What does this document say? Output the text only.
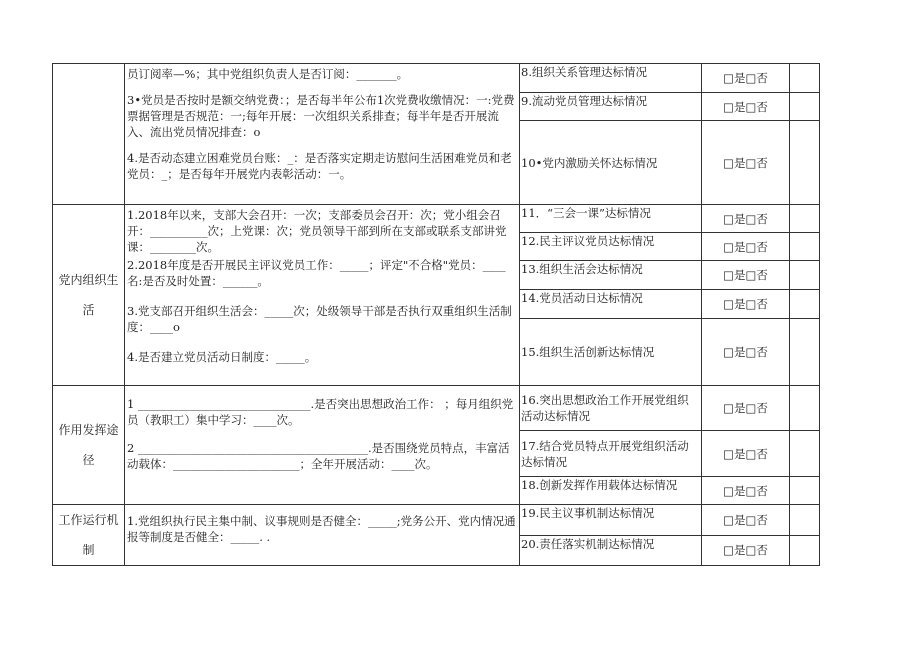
	员订阅率—%；其中党组织负责人是否订阅：_______。

3•党员是否按时是额交纳党费：；是否每半年公布1次党费收缴情况：一:党费票据管理是否规范：一;每年开展：一次组织关系排查；每半年是否开展流入、流出党员情况排查：o

4.是否动态建立困难党员台账：_：是否落实定期走访慰问生活困难党员和老党员：_；是否每年开展党内表彰活动：一。	8.组织关系管理达标情况	□是□否	
		9.流动党员管理达标情况	□是□否	
		10•党内激励关怀达标情况	□是□否	
党内组织生活	1.2018年以来，支部大会召开：一次；支部委员会召开：次；党小组会召开：__________次；上党课：次；党员领导干部到所在支部或联系支部讲党课：________次。

2.2018年度是否开展民主评议党员工作：_____；评定"不合格"党员：____名:是否及时处置：______。

3.党支部召开组织生活会：_____次；处级领导干部是否执行双重组织生活制度：____o

4.是否建立党员活动日制度：_____。	11．“三会一课”达标情况	□是□否	
		12.民主评议党员达标情况	□是□否	
		13.组织生活会达标情况	□是□否	
		14.党员活动日达标情况	□是□否	
		15.组织生活创新达标情况	□是□否	
作用发挥途径	1 ______________________________.是否突出思想政治工作： ；每月组织党员（教职工）集中学习：____次。

2 ________________________________________.是否围绕党员特点，丰富活动载体：______________________；全年开展活动：____次。	16.突出思想政治工作开展党组织活动达标情况	□是□否	
		17.结合党员特点开展党组织活动达标情况	□是□否	
		18.创新发挥作用载体达标情况	□是□否	
工作运行机制	1.党组织执行民主集中制、议事规则是否健全：_____;党务公开、党内情况通报等制度是否健全：_____. .	19.民主议事机制达标情况	□是□否	
		20.责任落实机制达标情况	□是□否	
